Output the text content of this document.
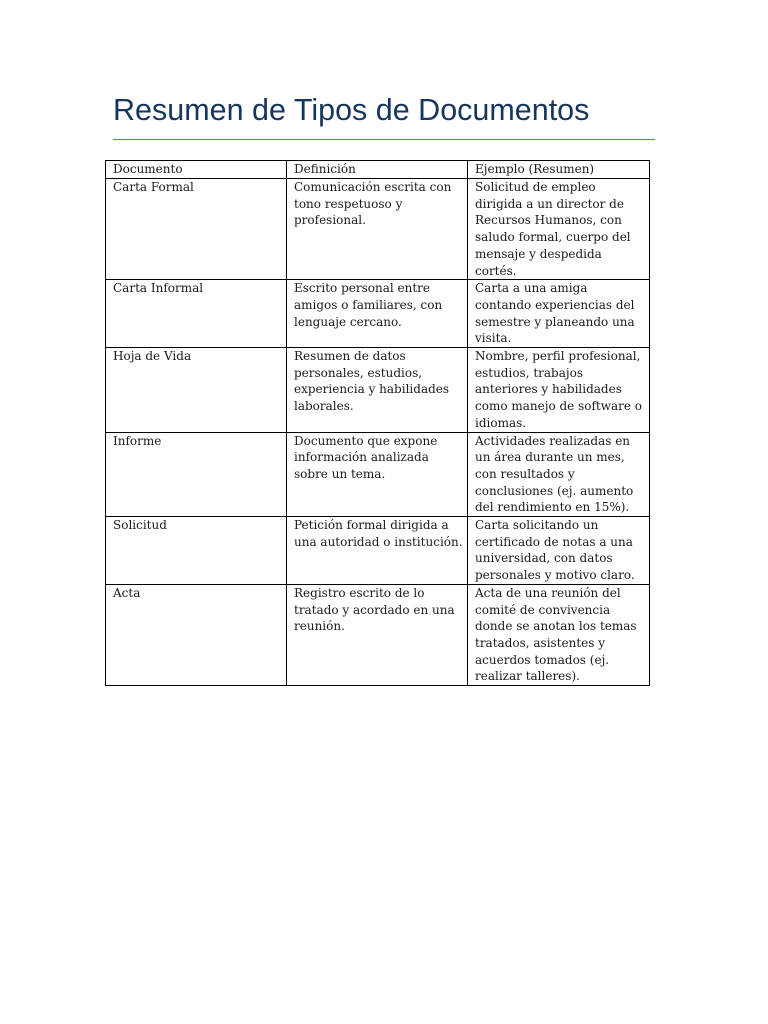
Resumen de Tipos de Documentos
Documento	Definición	Ejemplo (Resumen)
Carta Formal	Comunicación escrita con tono respetuoso y profesional.	Solicitud de empleo dirigida a un director de Recursos Humanos, con saludo formal, cuerpo del mensaje y despedida cortés.
Carta Informal	Escrito personal entre amigos o familiares, con lenguaje cercano.	Carta a una amiga contando experiencias del semestre y planeando una visita.
Hoja de Vida	Resumen de datos personales, estudios, experiencia y habilidades laborales.	Nombre, perfil profesional, estudios, trabajos anteriores y habilidades como manejo de software o idiomas.
Informe	Documento que expone información analizada sobre un tema.	Actividades realizadas en un área durante un mes, con resultados y conclusiones (ej. aumento del rendimiento en 15%).
Solicitud	Petición formal dirigida a una autoridad o institución.	Carta solicitando un certificado de notas a una universidad, con datos personales y motivo claro.
Acta	Registro escrito de lo tratado y acordado en una reunión.	Acta de una reunión del comité de convivencia donde se anotan los temas tratados, asistentes y acuerdos tomados (ej. realizar talleres).
